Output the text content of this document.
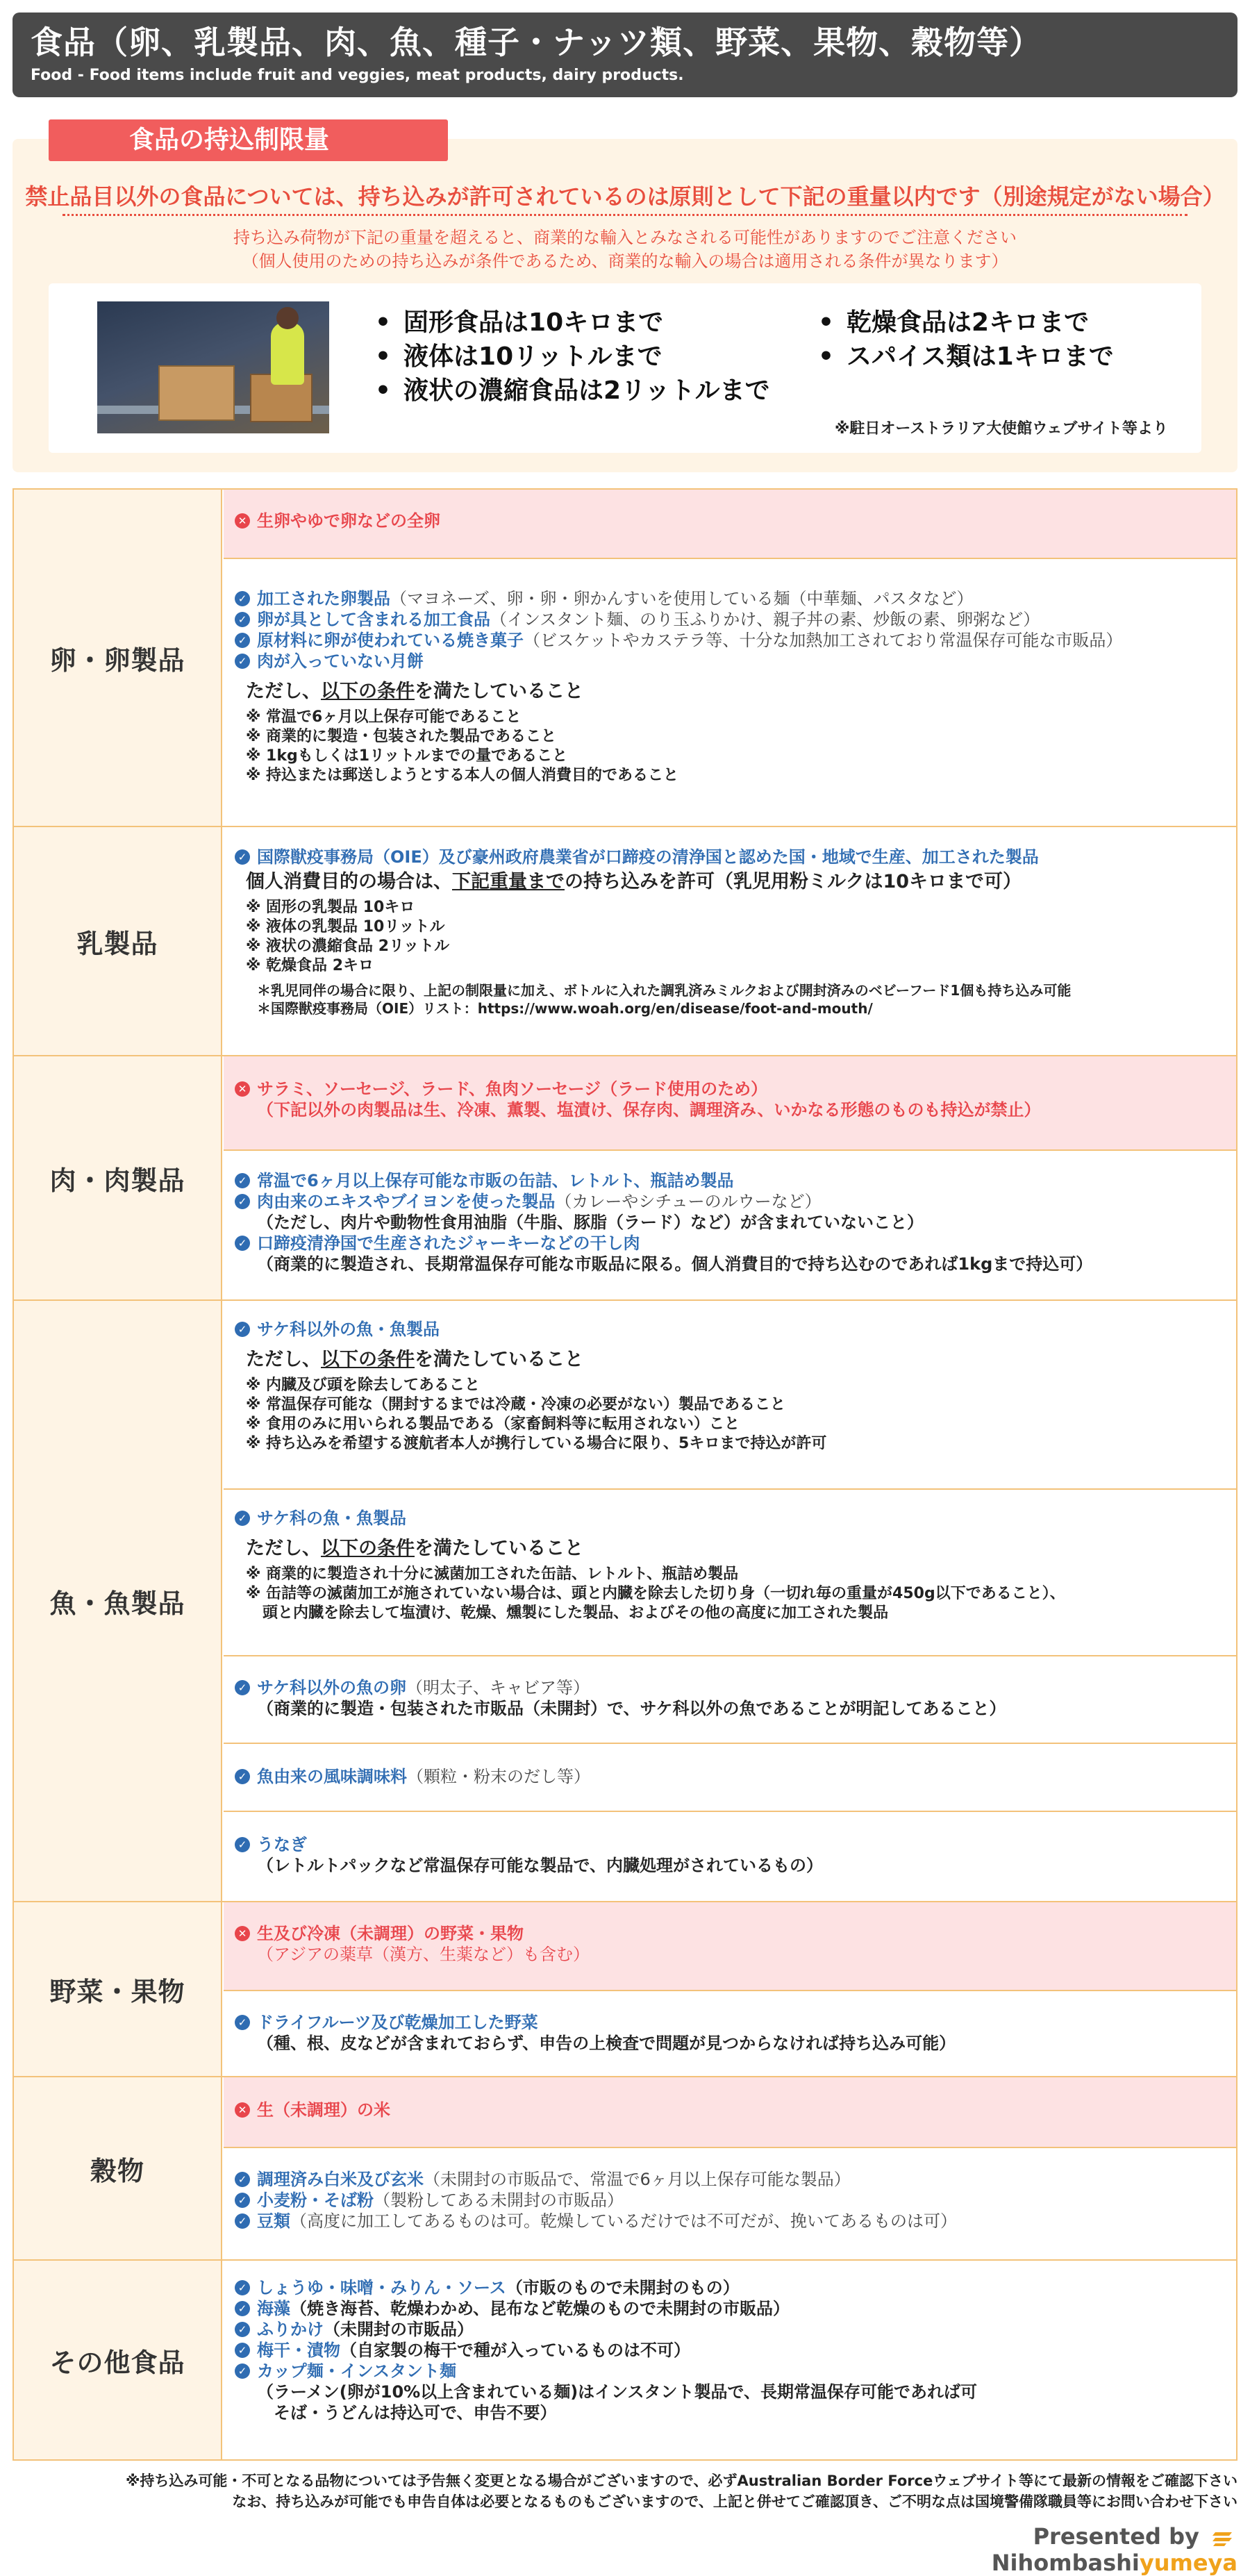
食品（卵、乳製品、肉、魚、種子・ナッツ類、野菜、果物、穀物等）
Food - Food items include fruit and veggies, meat products, dairy products.
食品の持込制限量
禁止品目以外の食品については、持ち込みが許可されているのは原則として下記の重量以内です（別途規定がない場合）
持ち込み荷物が下記の重量を超えると、商業的な輸入とみなされる可能性がありますのでご注意ください
（個人使用のための持ち込みが条件であるため、商業的な輸入の場合は適用される条件が異なります）
• 固形食品は10キロまで
• 液体は10リットルまで
• 液状の濃縮食品は2リットルまで
• 乾燥食品は2キロまで
• スパイス類は1キロまで
※駐日オーストラリア大使館ウェブサイト等より
卵・卵製品
✕ 生卵やゆで卵などの全卵
✓ 加工された卵製品（マヨネーズ、卵・卵・卵かんすいを使用している麺（中華麺、パスタなど）
✓ 卵が具として含まれる加工食品（インスタント麺、のり玉ふりかけ、親子丼の素、炒飯の素、卵粥など）
✓ 原材料に卵が使われている焼き菓子（ビスケットやカステラ等、十分な加熱加工されており常温保存可能な市販品）
✓ 肉が入っていない月餅
ただし、以下の条件を満たしていること
※ 常温で6ヶ月以上保存可能であること
※ 商業的に製造・包装された製品であること
※ 1kgもしくは1リットルまでの量であること
※ 持込または郵送しようとする本人の個人消費目的であること
乳製品
✓ 国際獣疫事務局（OIE）及び豪州政府農業省が口蹄疫の清浄国と認めた国・地域で生産、加工された製品
個人消費目的の場合は、下記重量までの持ち込みを許可（乳児用粉ミルクは10キロまで可）
※ 固形の乳製品 10キロ
※ 液体の乳製品 10リットル
※ 液状の濃縮食品 2リットル
※ 乾燥食品 2キロ
＊乳児同伴の場合に限り、上記の制限量に加え、ボトルに入れた調乳済みミルクおよび開封済みのベビーフード1個も持ち込み可能
＊国際獣疫事務局（OIE）リスト：https://www.woah.org/en/disease/foot-and-mouth/
肉・肉製品
✕ サラミ、ソーセージ、ラード、魚肉ソーセージ（ラード使用のため）
（下記以外の肉製品は生、冷凍、薫製、塩漬け、保存肉、調理済み、いかなる形態のものも持込が禁止）
✓ 常温で6ヶ月以上保存可能な市販の缶詰、レトルト、瓶詰め製品
✓ 肉由来のエキスやブイヨンを使った製品（カレーやシチューのルウーなど）
（ただし、肉片や動物性食用油脂（牛脂、豚脂（ラード）など）が含まれていないこと）
✓ 口蹄疫清浄国で生産されたジャーキーなどの干し肉
（商業的に製造され、長期常温保存可能な市販品に限る。個人消費目的で持ち込むのであれば1kgまで持込可）
魚・魚製品
✓ サケ科以外の魚・魚製品
ただし、以下の条件を満たしていること
※ 内臓及び頭を除去してあること
※ 常温保存可能な（開封するまでは冷蔵・冷凍の必要がない）製品であること
※ 食用のみに用いられる製品である（家畜飼料等に転用されない）こと
※ 持ち込みを希望する渡航者本人が携行している場合に限り、5キロまで持込が許可
✓ サケ科の魚・魚製品
ただし、以下の条件を満たしていること
※ 商業的に製造され十分に滅菌加工された缶詰、レトルト、瓶詰め製品
※ 缶詰等の滅菌加工が施されていない場合は、頭と内臓を除去した切り身（一切れ毎の重量が450g以下であること）、
頭と内臓を除去して塩漬け、乾燥、燻製にした製品、およびその他の高度に加工された製品
✓ サケ科以外の魚の卵（明太子、キャビア等）
（商業的に製造・包装された市販品（未開封）で、サケ科以外の魚であることが明記してあること）
✓ 魚由来の風味調味料（顆粒・粉末のだし等）
✓ うなぎ
（レトルトパックなど常温保存可能な製品で、内臓処理がされているもの）
野菜・果物
✕ 生及び冷凍（未調理）の野菜・果物
（アジアの薬草（漢方、生薬など）も含む）
✓ ドライフルーツ及び乾燥加工した野菜
（種、根、皮などが含まれておらず、申告の上検査で問題が見つからなければ持ち込み可能）
穀物
✕ 生（未調理）の米
✓ 調理済み白米及び玄米（未開封の市販品で、常温で6ヶ月以上保存可能な製品）
✓ 小麦粉・そば粉（製粉してある未開封の市販品）
✓ 豆類（高度に加工してあるものは可。乾燥しているだけでは不可だが、挽いてあるものは可）
その他食品
✓ しょうゆ・味噌・みりん・ソース（市販のもので未開封のもの）
✓ 海藻（焼き海苔、乾燥わかめ、昆布など乾燥のもので未開封の市販品）
✓ ふりかけ（未開封の市販品）
✓ 梅干・漬物（自家製の梅干で種が入っているものは不可）
✓ カップ麺・インスタント麺
（ラーメン(卵が10%以上含まれている麺)はインスタント製品で、長期常温保存可能であれば可
そば・うどんは持込可で、申告不要）
※持ち込み可能・不可となる品物については予告無く変更となる場合がございますので、必ずAustralian Border Forceウェブサイト等にて最新の情報をご確認下さい
なお、持ち込みが可能でも申告自体は必要となるものもございますので、上記と併せてご確認頂き、ご不明な点は国境警備隊職員等にお問い合わせ下さい
Presented by Nihombashiyumeya
